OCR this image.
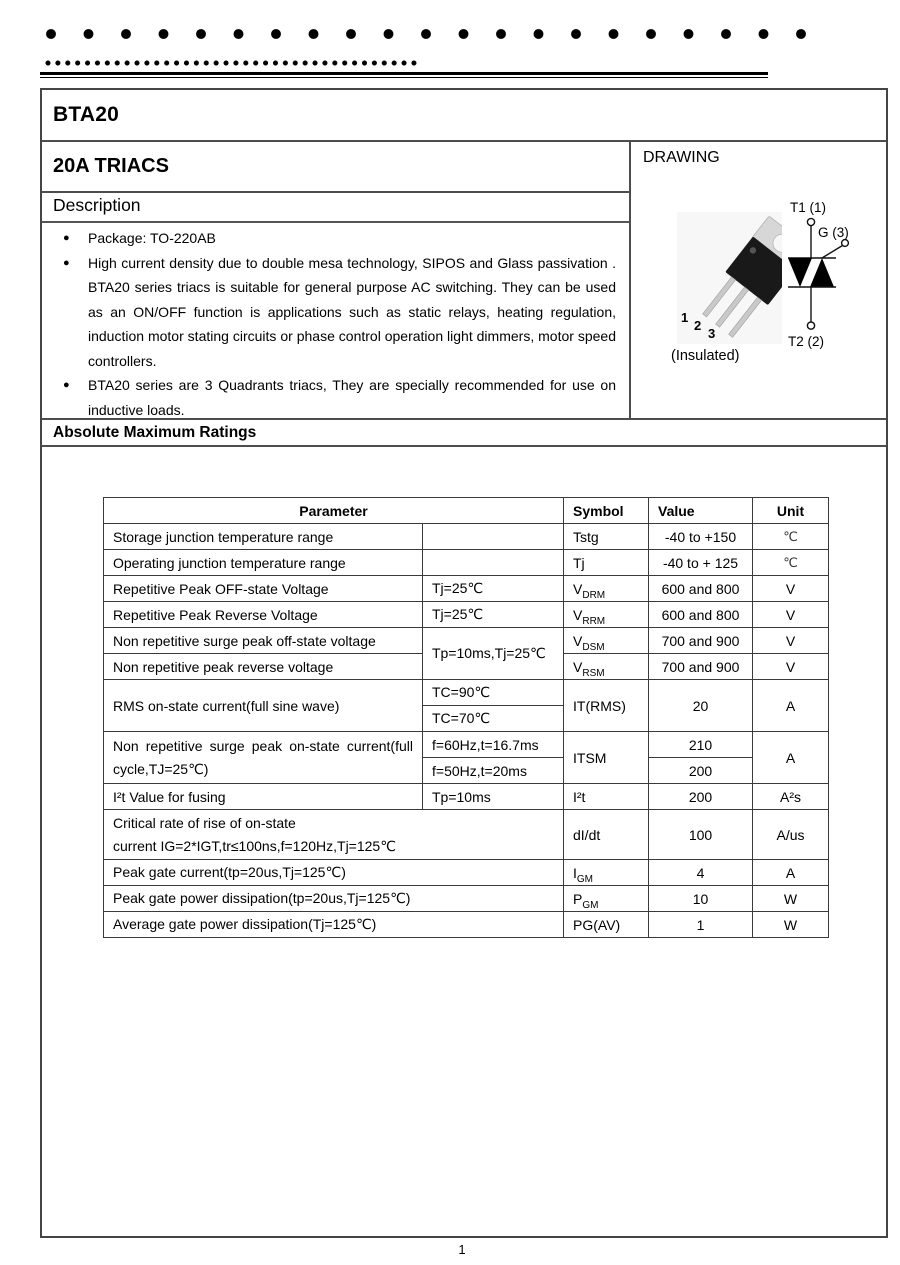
BTA20
20A TRIACS
Description
● Package: TO-220AB
● High current density due to double mesa technology, SIPOS and Glass passivation . BTA20 series triacs is suitable for general purpose AC switching. They can be used as an ON/OFF function is applications such as static relays, heating regulation, induction motor stating circuits or phase control operation light dimmers, motor speed controllers.
● BTA20 series are 3 Quadrants triacs, They are specially recommended for use on inductive loads.
DRAWING
1
2
3
T1 (1)
T2 (2)
G (3)
(Insulated)
Absolute Maximum Ratings
Parameter		Symbol	Value	Unit
Storage junction temperature range		Tstg	-40 to +150	℃
Operating junction temperature range		Tj	-40 to + 125	℃
Repetitive Peak OFF-state Voltage	Tj=25℃	$V_{DRM}$	600 and 800	V
Repetitive Peak Reverse Voltage	Tj=25℃	$V_{RRM}$	600 and 800	V
Non repetitive surge peak off-state voltage	Tp=10ms,Tj=25℃	$V_{DSM}$	700 and 900	V
Non repetitive peak reverse voltage		$V_{RSM}$	700 and 900	V
RMS on-state current(full sine wave)	TC=90℃	IT(RMS)	20	A
	TC=70℃			
Non repetitive surge peak on-state current(full cycle,TJ=25℃)	f=60Hz,t=16.7ms	ITSM	210	A
	f=50Hz,t=20ms		200	
I²t Value for fusing	Tp=10ms	I²t	200	A²s
Critical rate of rise of on-state
current IG=2*IGT,tr≤100ns,f=120Hz,Tj=125℃		dI/dt	100	A/us
Peak gate current(tp=20us,Tj=125℃)		$I_{GM}$	4	A
Peak gate power dissipation(tp=20us,Tj=125℃)		$P_{GM}$	10	W
Average gate power dissipation(Tj=125℃)		PG(AV)	1	W
1
